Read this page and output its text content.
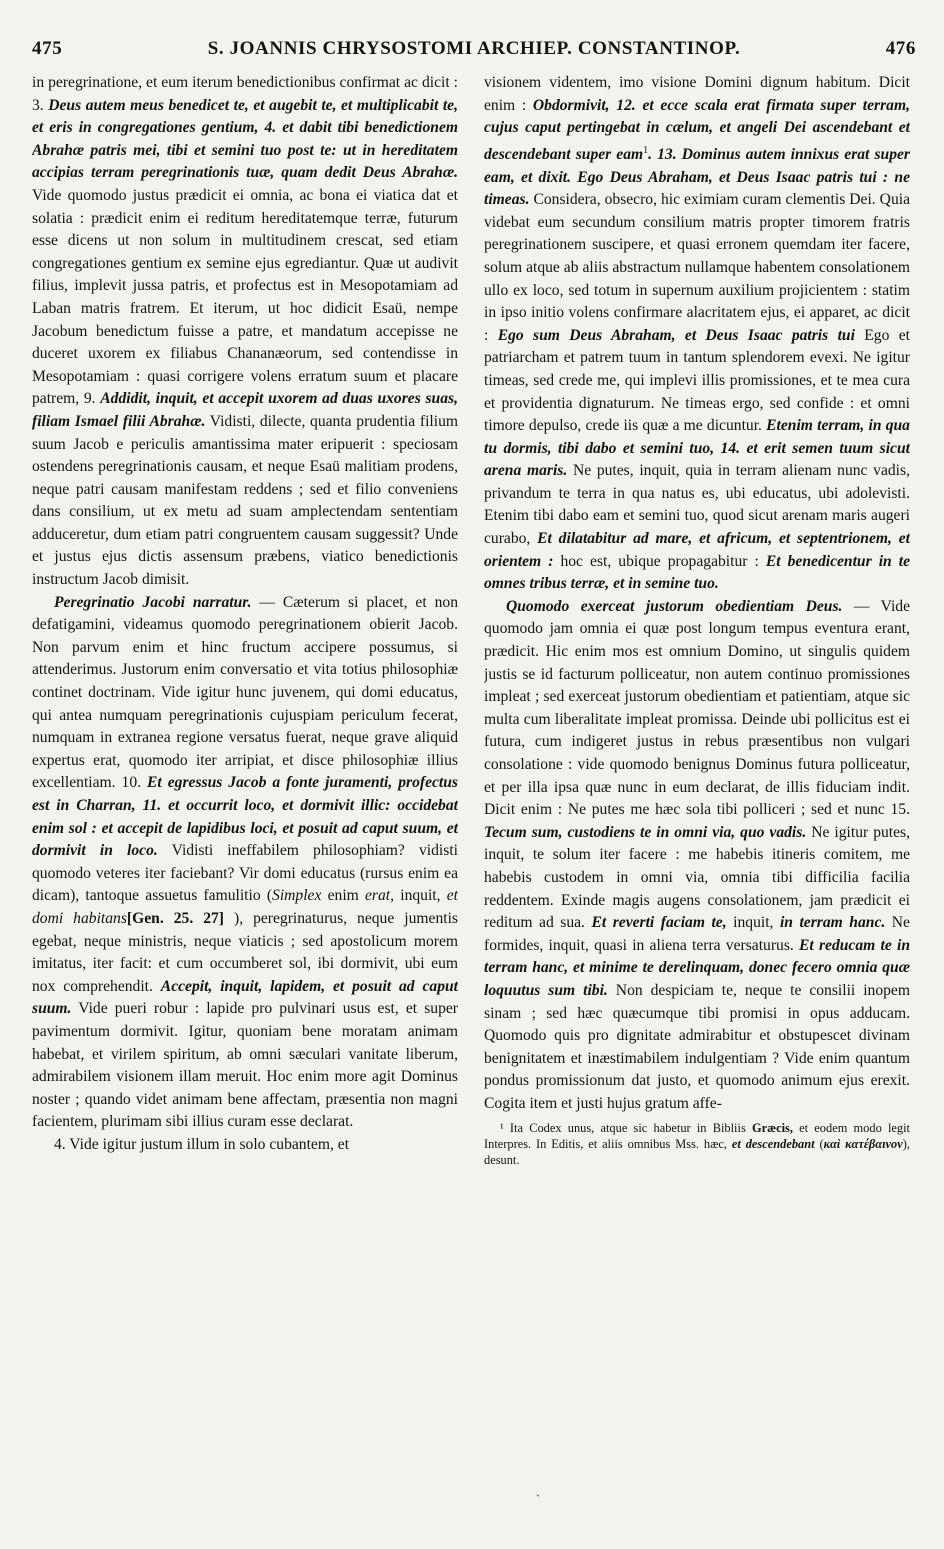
475	S. JOANNIS CHRYSOSTOMI ARCHIEP. CONSTANTINOP.	476

in peregrinatione, et eum iterum benedictionibus confirmat ac dicit : 3. Deus autem meus benedicet te, et augebit te, et multiplicabit te, et eris in congregationes gentium, 4. et dabit tibi benedictionem Abrahæ patris mei, tibi et semini tuo post te: ut in hereditatem accipias terram peregrinationis tuæ, quam dedit Deus Abrahæ. Vide quomodo justus prædicit ei omnia, ac bona ei viatica dat et solatia : prædicit enim ei reditum hereditatemque terræ, futurum esse dicens ut non solum in multitudinem crescat, sed etiam congregationes gentium ex semine ejus egrediantur. Quæ ut audivit filius, implevit jussa patris, et profectus est in Mesopotamiam ad Laban matris fratrem. Et iterum, ut hoc didicit Esaü, nempe Jacobum benedictum fuisse a patre, et mandatum accepisse ne duceret uxorem ex filiabus Chananæorum, sed contendisse in Mesopotamiam : quasi corrigere volens erratum suum et placare patrem, 9. Addidit, inquit, et accepit uxorem ad duas uxores suas, filiam Ismael filii Abrahæ. Vidisti, dilecte, quanta prudentia filium suum Jacob e periculis amantissima mater eripuerit : speciosam ostendens peregrinationis causam, et neque Esaü malitiam prodens, neque patri causam manifestam reddens ; sed et filio conveniens dans consilium, ut ex metu ad suam amplectendam sententiam adduceretur, dum etiam patri congruentem causam suggessit? Unde et justus ejus dictis assensum præbens, viatico benedictionis instructum Jacob dimisit.

Peregrinatio Jacobi narratur. — Cæterum si placet, et non defatigamini, videamus quomodo peregrinationem obierit Jacob. Non parvum enim et hinc fructum accipere possumus, si attenderimus. Justorum enim conversatio et vita totius philosophiæ continet doctrinam. Vide igitur hunc juvenem, qui domi educatus, qui antea numquam peregrinationis cujuspiam periculum fecerat, numquam in extranea regione versatus fuerat, neque grave aliquid expertus erat, quomodo iter arripiat, et disce philosophiæ illius excellentiam. 10. Et egressus Jacob a fonte juramenti, profectus est in Charran, 11. et occurrit loco, et dormivit illic: occidebat enim sol : et accepit de lapidibus loci, et posuit ad caput suum, et dormivit in loco. Vidisti ineffabilem philosophiam? vidisti quomodo veteres iter faciebant? Vir domi educatus (rursus enim ea dicam), tantoque assuetus famulitio (Simplex enim erat, inquit, et domi habitans[Gen. 25. 27] ), peregrinaturus, neque jumentis egebat, neque ministris, neque viaticis ; sed apostolicum morem imitatus, iter facit: et cum occumberet sol, ibi dormivit, ubi eum nox comprehendit. Accepit, inquit, lapidem, et posuit ad caput suum. Vide pueri robur : lapide pro pulvinari usus est, et super pavimentum dormivit. Igitur, quoniam bene moratam animam habebat, et virilem spiritum, ab omni sæculari vanitate liberum, admirabilem visionem illam meruit. Hoc enim more agit Dominus noster ; quando videt animam bene affectam, præsentia non magni facientem, plurimam sibi illius curam esse declarat.

4. Vide igitur justum illum in solo cubantem, et

visionem videntem, imo visione Domini dignum habitum. Dicit enim : Obdormivit, 12. et ecce scala erat firmata super terram, cujus caput pertingebat in cælum, et angeli Dei ascendebant et descendebant super eam$^1$. 13. Dominus autem innixus erat super eam, et dixit. Ego Deus Abraham, et Deus Isaac patris tui : ne timeas. Considera, obsecro, hic eximiam curam clementis Dei. Quia videbat eum secundum consilium matris propter timorem fratris peregrinationem suscipere, et quasi erronem quemdam iter facere, solum atque ab aliis abstractum nullamque habentem consolationem ullo ex loco, sed totum in supernum auxilium projicientem : statim in ipso initio volens confirmare alacritatem ejus, ei apparet, ac dicit : Ego sum Deus Abraham, et Deus Isaac patris tui Ego et patriarcham et patrem tuum in tantum splendorem evexi. Ne igitur timeas, sed crede me, qui implevi illis promissiones, et te mea cura et providentia dignaturum. Ne timeas ergo, sed confide : et omni timore depulso, crede iis quæ a me dicuntur. Etenim terram, in qua tu dormis, tibi dabo et semini tuo, 14. et erit semen tuum sicut arena maris. Ne putes, inquit, quia in terram alienam nunc vadis, privandum te terra in qua natus es, ubi educatus, ubi adolevisti. Etenim tibi dabo eam et semini tuo, quod sicut arenam maris augeri curabo, Et dilatabitur ad mare, et africum, et septentrionem, et orientem : hoc est, ubique propagabitur : Et benedicentur in te omnes tribus terræ, et in semine tuo.

Quomodo exerceat justorum obedientiam Deus. — Vide quomodo jam omnia ei quæ post longum tempus eventura erant, prædicit. Hic enim mos est omnium Domino, ut singulis quidem justis se id facturum polliceatur, non autem continuo promissiones impleat ; sed exerceat justorum obedientiam et patientiam, atque sic multa cum liberalitate impleat promissa. Deinde ubi pollicitus est ei futura, cum indigeret justus in rebus præsentibus non vulgari consolatione : vide quomodo benignus Dominus futura polliceatur, et per illa ipsa quæ nunc in eum declarat, de illis fiduciam indit. Dicit enim : Ne putes me hæc sola tibi polliceri ; sed et nunc 15. Tecum sum, custodiens te in omni via, quo vadis. Ne igitur putes, inquit, te solum iter facere : me habebis itineris comitem, me habebis custodem in omni via, omnia tibi difficilia facilia reddentem. Exinde magis augens consolationem, jam prædicit ei reditum ad sua. Et reverti faciam te, inquit, in terram hanc. Ne formides, inquit, quasi in aliena terra versaturus. Et reducam te in terram hanc, et minime te derelinquam, donec fecero omnia quæ loquutus sum tibi. Non despiciam te, neque te consilii inopem sinam ; sed hæc quæcumque tibi promisi in opus adducam. Quomodo quis pro dignitate admirabitur et obstupescet divinam benignitatem et inæstimabilem indulgentiam ? Vide enim quantum pondus promissionum dat justo, et quomodo animum ejus erexit. Cogita item et justi hujus gratum affe-

¹ Ita Codex unus, atque sic habetur in Bibliis Græcis, et eodem modo legit Interpres. In Editis, et aliis omnibus Mss. hæc, et descendebant (καὶ κατέβαινον), desunt.
`
